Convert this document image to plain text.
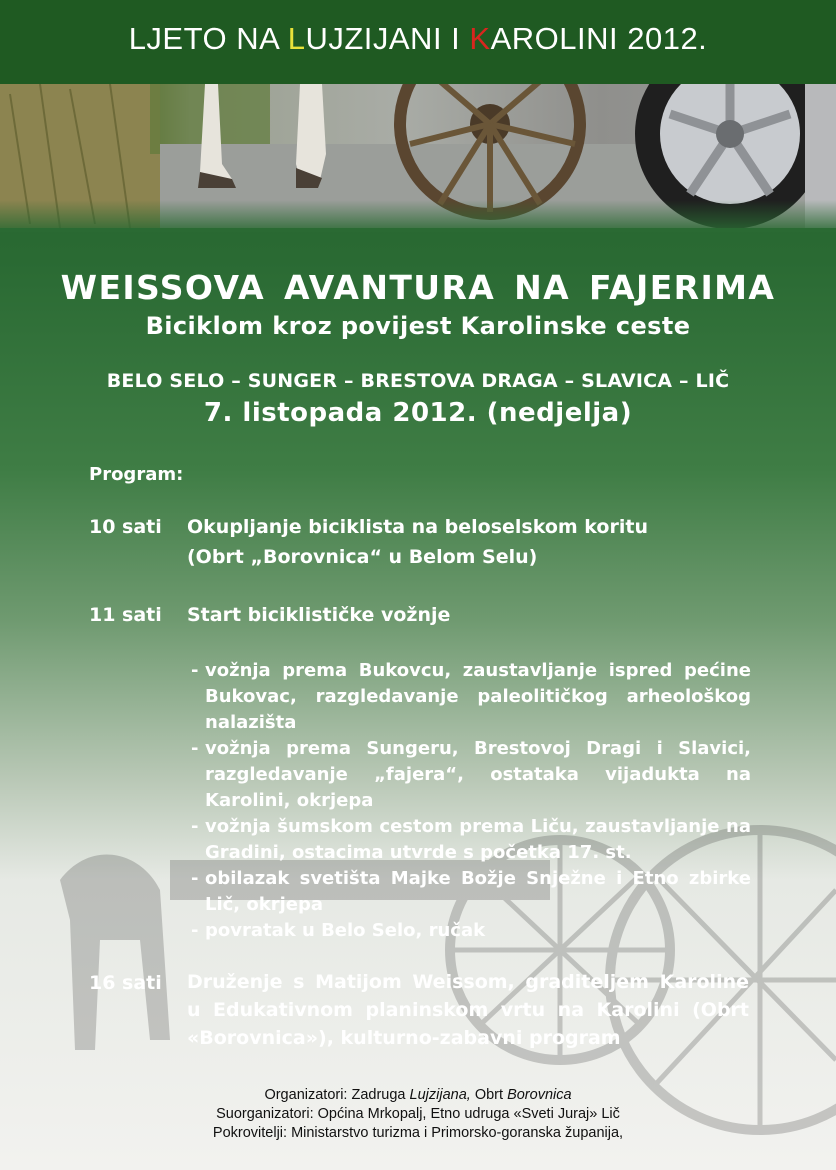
LJETO NA LUJZIJANI I KAROLINI 2012.
WEISSOVA AVANTURA NA FAJERIMA
Biciklom kroz povijest Karolinske ceste
BELO SELO – SUNGER – BRESTOVA DRAGA – SLAVICA – LIČ
7. listopada 2012. (nedjelja)
Program:
10 sati Okupljanje biciklista na beloselskom koritu
(Obrt „Borovnica“ u Belom Selu)
11 sati Start biciklističke vožnje
- vožnja prema Bukovcu, zaustavljanje ispred pećine Bukovac, razgledavanje paleolitičkog arheološkog nalazišta
- vožnja prema Sungeru, Brestovoj Dragi i Slavici, razgledavanje „fajera“, ostataka vijadukta na Karolini, okrjepa
- vožnja šumskom cestom prema Liču, zaustavljanje na Gradini, ostacima utvrde s početka 17. st.
- obilazak svetišta Majke Božje Snježne i Etno zbirke Lič, okrjepa
- povratak u Belo Selo, ručak
16 sati Druženje s Matijom Weissom, graditeljem Karoline u Edukativnom planinskom vrtu na Karolini (Obrt «Borovnica»), kulturno-zabavni program
Organizatori: Zadruga Lujzijana, Obrt Borovnica
Suorganizatori: Općina Mrkopalj, Etno udruga «Sveti Juraj» Lič
Pokrovitelji: Ministarstvo turizma i Primorsko-goranska županija,
